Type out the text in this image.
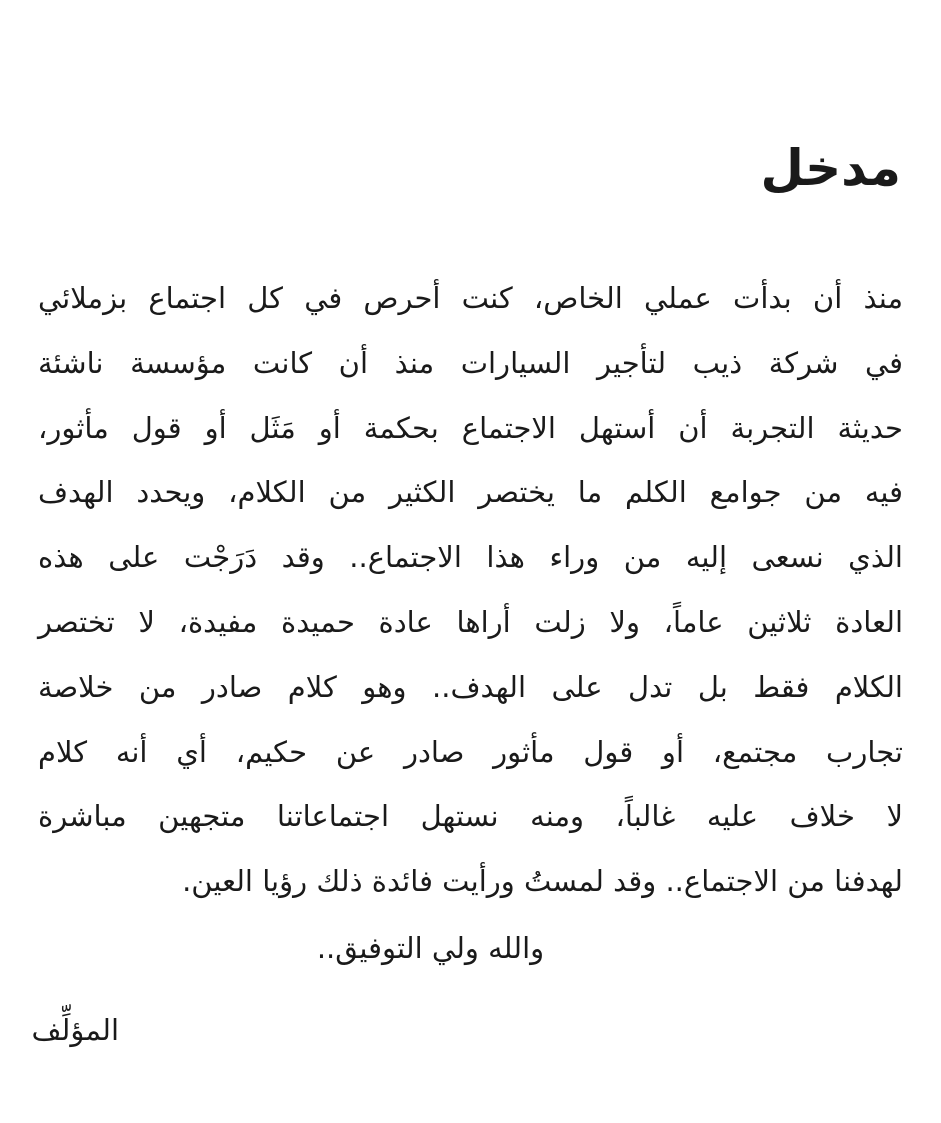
مدخل
منذ أن بدأت عملي الخاص، كنت أحرص ﻓﻲ كل اجتماع بزملائي
ﻓﻲ شركة ذيب لتأجير السيارات منذ أن كانت مؤسسة ناشئة
حديثة التجربة أن أستهل الاجتماع بحكمة أو مَثَل أو قول مأثور،
فيه من جوامع الكلم ما يختصر الكثير من الكلام، ويحدد الهدف
الذي نسعى إليه من وراء هذا الاجتماع.. وقد دَرَجْت على هذه
العادة ثلاثين عاماً، ولا زلت أراها عادة حميدة مفيدة، لا تختصر
الكلام فقط بل تدل على الهدف.. وهو كلام صادر من خلاصة
تجارب مجتمع، أو قول مأثور صادر عن حكيم، أي أنه كلام
لا خلاف عليه غالباً، ومنه نستهل اجتماعاتنا متجهين مباشرة
لهدفنا من الاجتماع.. وقد لمستُ ورأيت فائدة ذلك رؤيا العين.

والله ولي التوفيق..

المؤلِّف
